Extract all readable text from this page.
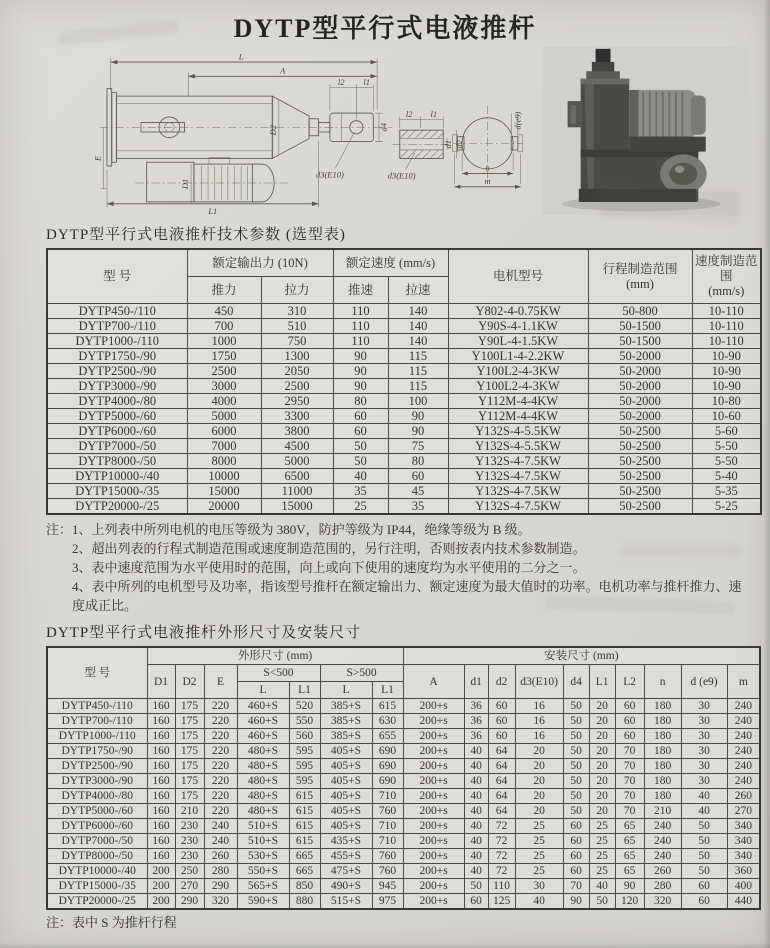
DYTP型平行式电液推杆
L
A
l2 l1
d4
d3(E10)
D2
E
D1
L1
l2 l1
d1 d2
d3(E10)
n
m
d(e9)
DYTP型平行式电液推杆技术参数 (选型表)
型 号	额定输出力 (10N)		额定速度 (mm/s)		电机型号	行程制造范围
(mm)	速度制造范围
(mm/s)

	推力	拉力	推速	拉速			
DYTP450-/110	450	310	110	140	Y802-4-0.75KW	50-800	10-110
DYTP700-/110	700	510	110	140	Y90S-4-1.1KW	50-1500	10-110
DYTP1000-/110	1000	750	110	140	Y90L-4-1.5KW	50-1500	10-110
DYTP1750-/90	1750	1300	90	115	Y100L1-4-2.2KW	50-2000	10-90
DYTP2500-/90	2500	2050	90	115	Y100L2-4-3KW	50-2000	10-90
DYTP3000-/90	3000	2500	90	115	Y100L2-4-3KW	50-2000	10-90
DYTP4000-/80	4000	2950	80	100	Y112M-4-4KW	50-2000	10-80
DYTP5000-/60	5000	3300	60	90	Y112M-4-4KW	50-2000	10-60
DYTP6000-/60	6000	3800	60	90	Y132S-4-5.5KW	50-2500	5-60
DYTP7000-/50	7000	4500	50	75	Y132S-4-5.5KW	50-2500	5-50
DYTP8000-/50	8000	5000	50	80	Y132S-4-7.5KW	50-2500	5-50
DYTP10000-/40	10000	6500	40	60	Y132S-4-7.5KW	50-2500	5-40
DYTP15000-/35	15000	11000	35	45	Y132S-4-7.5KW	50-2500	5-35
DYTP20000-/25	20000	15000	25	35	Y132S-4-7.5KW	50-2500	5-25
注： 1、上列表中所列电机的电压等级为 380V，防护等级为 IP44，绝缘等级为 B 级。
2、超出列表的行程式制造范围或速度制造范围的，另行注明，否则按表内技术参数制造。
3、表中速度范围为水平使用时的范围，向上或向下使用的速度均为水平使用的二分之一。
4、表中所列的电机型号及功率，指该型号推杆在额定输出力、额定速度为最大值时的功率。电机功率与推杆推力、速度成正比。
DYTP型平行式电液推杆外形尺寸及安装尺寸
型 号	外形尺寸 (mm)							安装尺寸 (mm)									
	D1	D2	E	S<500		S>500		A	d1	d2	d3(E10)	d4	L1	L2	n	d (e9)	m
				L	L1	L	L1										
DYTP450-/110	160	175	220	460+S	520	385+S	615	200+s	36	60	16	50	20	60	180	30	240
DYTP700-/110	160	175	220	460+S	550	385+S	630	200+s	36	60	16	50	20	60	180	30	240
DYTP1000-/110	160	175	220	460+S	560	385+S	655	200+s	36	60	16	50	20	60	180	30	240
DYTP1750-/90	160	175	220	480+S	595	405+S	690	200+s	40	64	20	50	20	70	180	30	240
DYTP2500-/90	160	175	220	480+S	595	405+S	690	200+s	40	64	20	50	20	70	180	30	240
DYTP3000-/90	160	175	220	480+S	595	405+S	690	200+s	40	64	20	50	20	70	180	30	240
DYTP4000-/80	160	175	220	480+S	615	405+S	710	200+s	40	64	20	50	20	70	180	40	260
DYTP5000-/60	160	210	220	480+S	615	405+S	760	200+s	40	64	20	50	20	70	210	40	270
DYTP6000-/60	160	230	240	510+S	615	405+S	710	200+s	40	72	25	60	25	65	240	50	340
DYTP7000-/50	160	230	240	510+S	615	435+S	710	200+s	40	72	25	60	25	65	240	50	340
DYTP8000-/50	160	230	260	530+S	665	455+S	760	200+s	40	72	25	60	25	65	240	50	340
DYTP10000-/40	200	250	280	550+S	665	475+S	760	200+s	40	72	25	60	25	65	260	50	360
DYTP15000-/35	200	270	290	565+S	850	490+S	945	200+s	50	110	30	70	40	90	280	60	400
DYTP20000-/25	200	290	320	590+S	880	515+S	975	200+s	60	125	40	90	50	120	320	60	440
注：表中 S 为推杆行程
